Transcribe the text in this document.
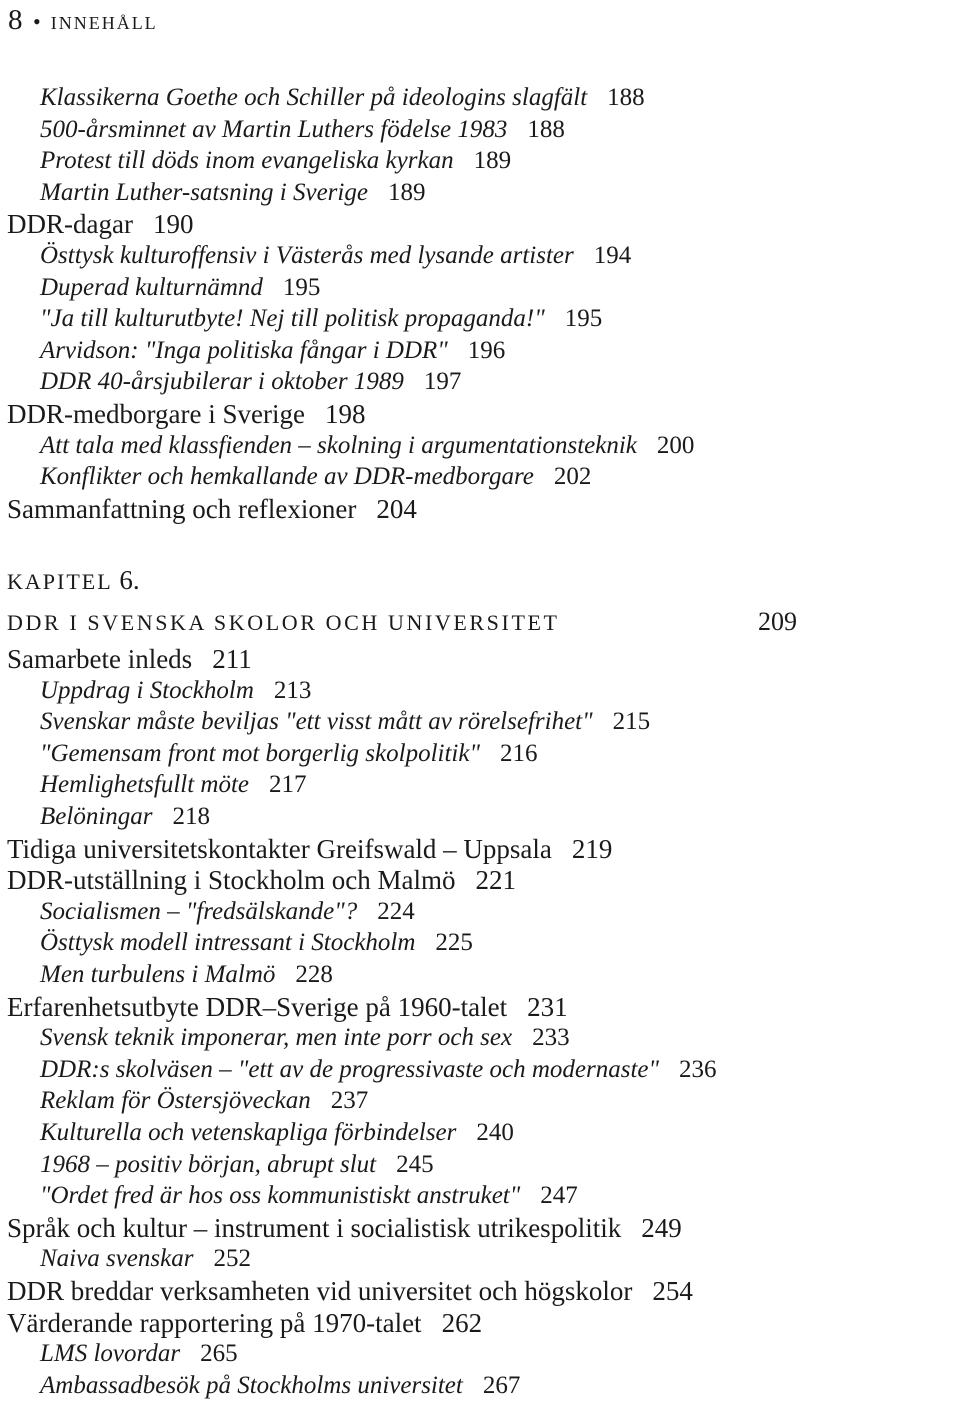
8 • INNEHÅLL
Klassikerna Goethe och Schiller på ideologins slagfält 188
500-årsminnet av Martin Luthers födelse 1983 188
Protest till döds inom evangeliska kyrkan 189
Martin Luther-satsning i Sverige 189
DDR-dagar 190
Östtysk kulturoffensiv i Västerås med lysande artister 194
Duperad kulturnämnd 195
"Ja till kulturutbyte! Nej till politisk propaganda!" 195
Arvidson: "Inga politiska fångar i DDR" 196
DDR 40-årsjubilerar i oktober 1989 197
DDR-medborgare i Sverige 198
Att tala med klassfienden – skolning i argumentationsteknik 200
Konflikter och hemkallande av DDR-medborgare 202
Sammanfattning och reflexioner 204
Samarbete inleds 211
Uppdrag i Stockholm 213
Svenskar måste beviljas "ett visst mått av rörelsefrihet" 215
"Gemensam front mot borgerlig skolpolitik" 216
Hemlighetsfullt möte 217
Belöningar 218
Tidiga universitetskontakter Greifswald – Uppsala 219
DDR-utställning i Stockholm och Malmö 221
Socialismen – "fredsälskande"? 224
Östtysk modell intressant i Stockholm 225
Men turbulens i Malmö 228
Erfarenhetsutbyte DDR–Sverige på 1960-talet 231
Svensk teknik imponerar, men inte porr och sex 233
DDR:s skolväsen – "ett av de progressivaste och modernaste" 236
Reklam för Östersjöveckan 237
Kulturella och vetenskapliga förbindelser 240
1968 – positiv början, abrupt slut 245
"Ordet fred är hos oss kommunistiskt anstruket" 247
Språk och kultur – instrument i socialistisk utrikespolitik 249
Naiva svenskar 252
DDR breddar verksamheten vid universitet och högskolor 254
Värderande rapportering på 1970-talet 262
LMS lovordar 265
Ambassadbesök på Stockholms universitet 267
KAPITEL 6.
DDR I SVENSKA SKOLOR OCH UNIVERSITET	209
